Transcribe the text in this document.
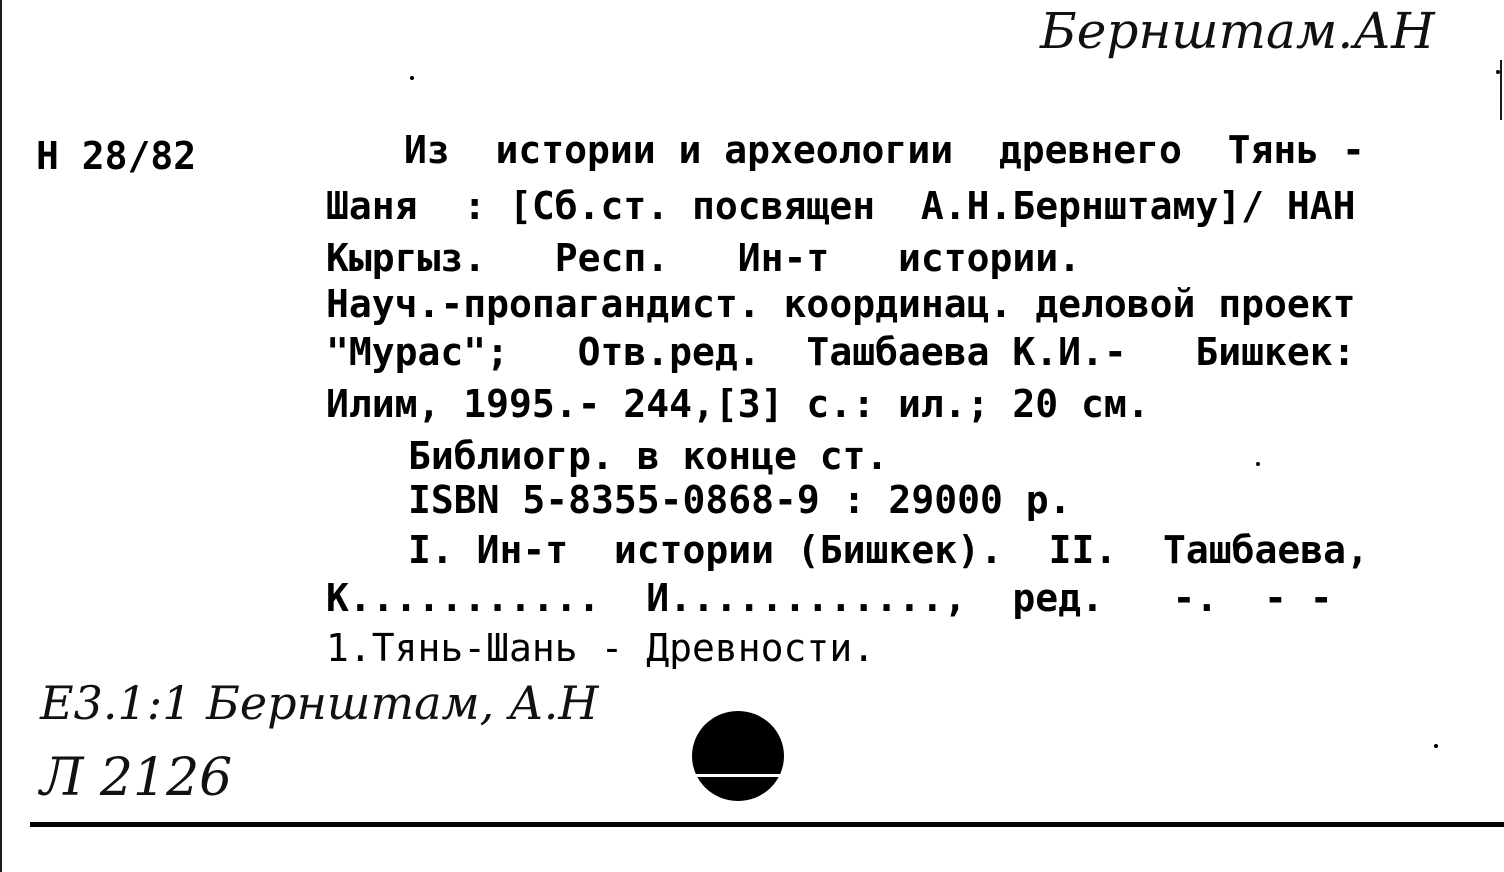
Бернштам.АН
Н 28/82	Из  истории и археологии  древнего  Тянь -
Шаня  : [Сб.ст. посвящен  А.Н.Бернштаму]/ НАН
Кыргыз.   Респ.   Ин-т   истории.
Науч.-пропагандист. координац. деловой проект
"Мурас";   Отв.ред.  Ташбаева К.И.-   Бишкек:
Илим, 1995.- 244,[3] с.: ил.; 20 см.
Библиогр. в конце ст.
ISBN 5-8355-0868-9 : 29000 р.
I. Ин-т  истории (Бишкек).  II.  Ташбаева,
К...........  И............,  ред.   -.  - -
1.Тянь-Шань - Древности.
Е3.1:1 Бернштам, А.Н
Л 2126
